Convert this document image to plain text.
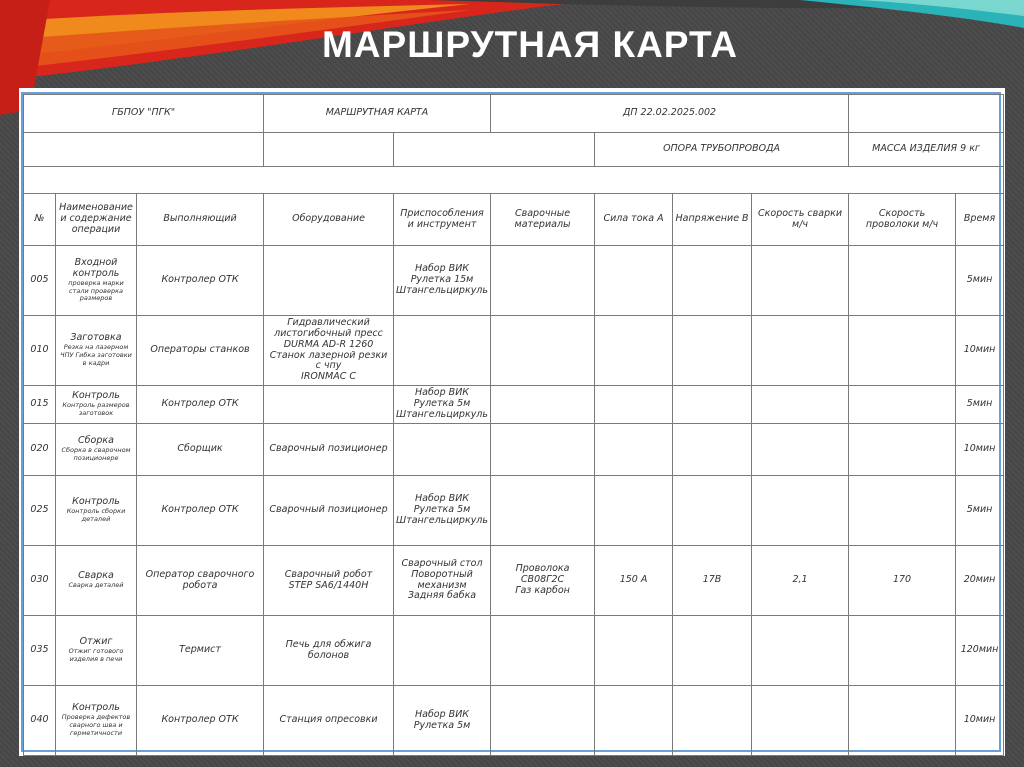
МАРШРУТНАЯ КАРТА
ГБПОУ "ПГК"			МАРШРУТНАЯ КАРТА		ДП 22.02.2025.002					
						ОПОРА ТРУБОПРОВОДА			МАССА ИЗДЕЛИЯ 9 кг	

№	Наименование и содержание операции	Выполняющий	Оборудование	Приспособления и инструмент	Сварочные материалы	Сила тока А	Напряжение В	Скорость сварки м/ч	Скорость проволоки м/ч	Время
005	Входной контроль
проверка марки стали проверка размеров	Контролер ОТК		Набор ВИК
Рулетка 15м
Штангельциркуль						5мин
010	Заготовка
Резка на лазерном ЧПУ Гибка заготовки в кадри	Операторы станков	Гидравлический листогибочный пресс
DURMA AD-R 1260
Станок лазерной резки с чпу
IRONMAC C							10мин
015	Контроль
Контроль размеров заготовок	Контролер ОТК		Набор ВИК
Рулетка 5м
Штангельциркуль						5мин
020	Сборка
Сборка в сварочном позиционере	Сборщик	Сварочный позиционер							10мин
025	Контроль
Контроль сборки деталей	Контролер ОТК	Сварочный позиционер	Набор ВИК
Рулетка 5м
Штангельциркуль						5мин
030	Сварка
Сварка деталей	Оператор сварочного робота	Сварочный робот
STEP SA6/1440H	Сварочный стол
Поворотный механизм
Задняя бабка	Проволока СВ08Г2С
Газ карбон	150 А	17В	2,1	170	20мин
035	Отжиг
Отжиг готового изделия в печи	Термист	Печь для обжига болонов							120мин
040	Контроль
Проверка дефектов сварного шва и герметичности	Контролер ОТК	Станция опресовки	Набор ВИК
Рулетка 5м						10мин
